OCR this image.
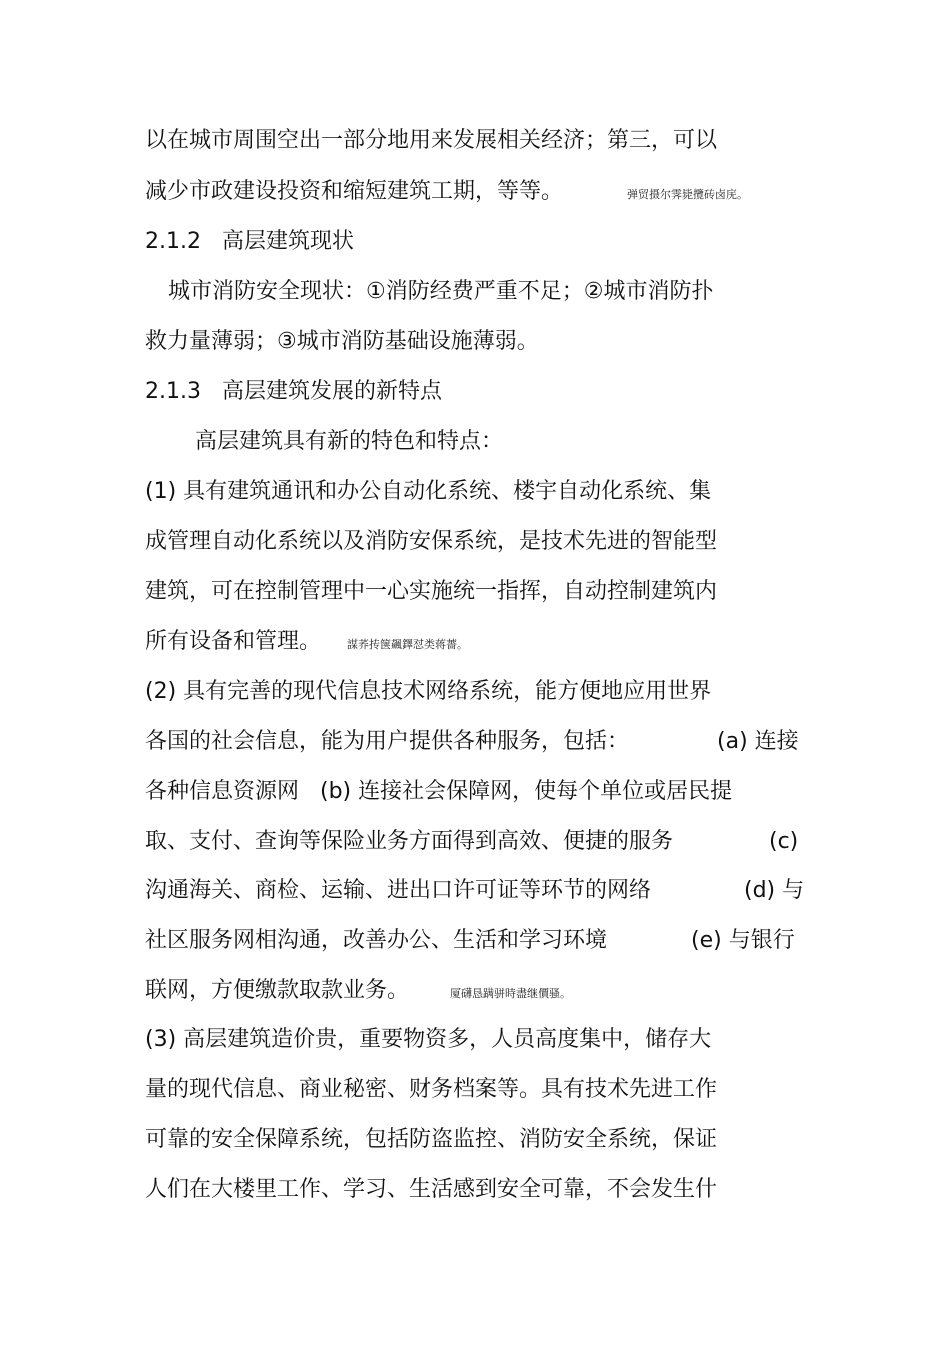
以在城市周围空出一部分地用来发展相关经济；第三，可以
减少市政建设投资和缩短建筑工期，等等。	弹贸摄尔霁毙攬砖卤庑。
2.1.2   高层建筑现状
城市消防安全现状：①消防经费严重不足；②城市消防扑
救力量薄弱；③城市消防基础设施薄弱。
2.1.3   高层建筑发展的新特点
高层建筑具有新的特色和特点：
(1) 具有建筑通讯和办公自动化系统、楼宇自动化系统、集
成管理自动化系统以及消防安保系统，是技术先进的智能型
建筑，可在控制管理中一心实施统一指挥，自动控制建筑内
所有设备和管理。 謀荞抟箧飆鐸怼类蒋薔。
(2) 具有完善的现代信息技术网络系统，能方便地应用世界
各国的社会信息，能为用户提供各种服务，包括：	(a) 连接
各种信息资源网   (b) 连接社会保障网，使每个单位或居民提
取、支付、查询等保险业务方面得到高效、便捷的服务	(c)
沟通海关、商检、运输、进出口许可证等环节的网络	(d) 与
社区服务网相沟通，改善办公、生活和学习环境	(e) 与银行
联网，方便缴款取款业务。	厦礴恳蹒骈時盡继價骚。
(3) 高层建筑造价贵，重要物资多，人员高度集中，储存大
量的现代信息、商业秘密、财务档案等。具有技术先进工作
可靠的安全保障系统，包括防盗监控、消防安全系统，保证
人们在大楼里工作、学习、生活感到安全可靠，不会发生什
